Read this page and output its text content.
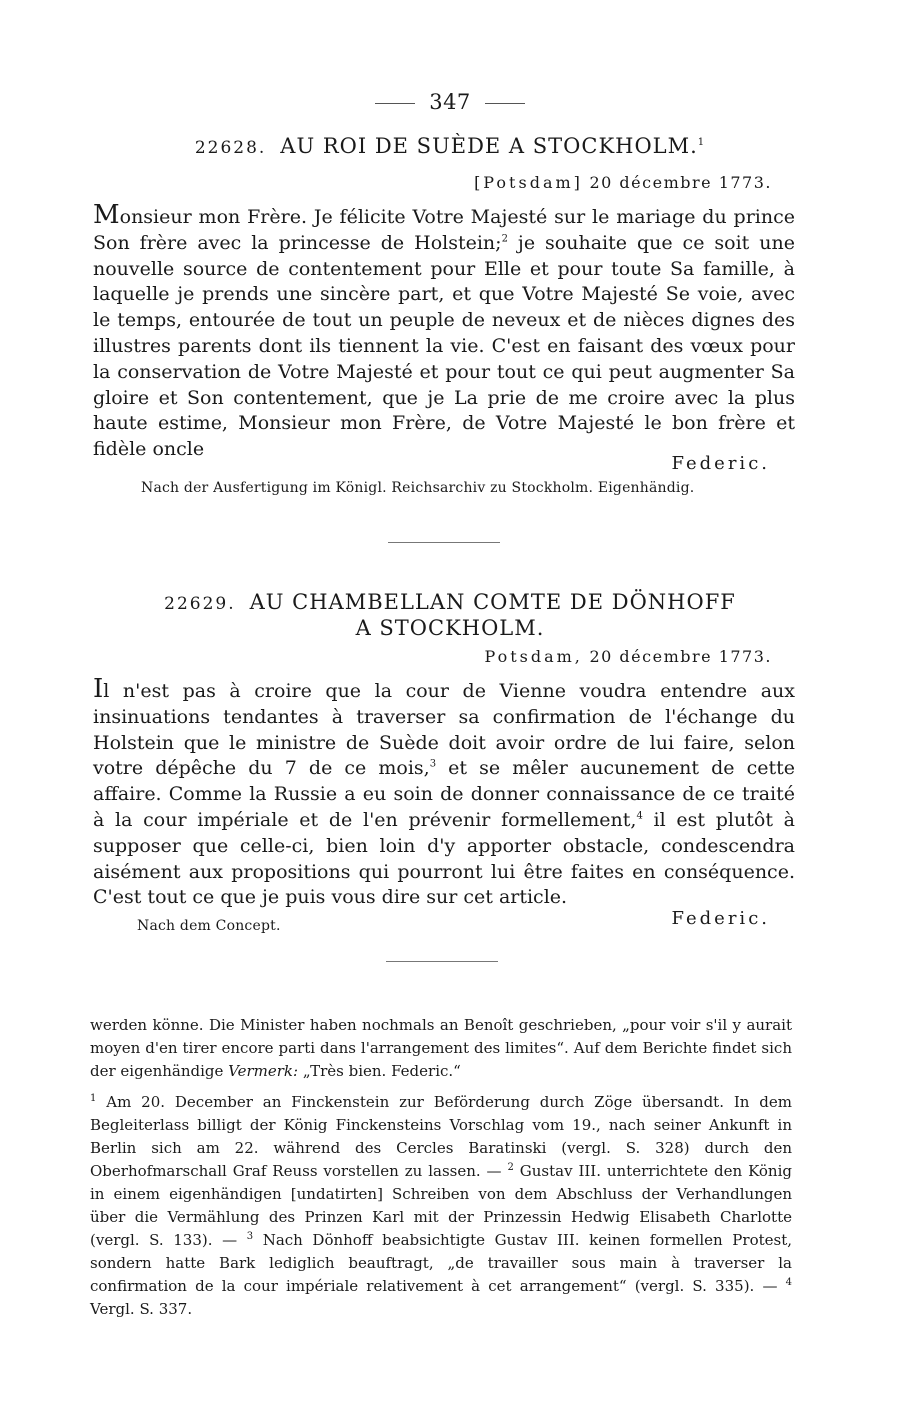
347
22628. AU ROI DE SUÈDE A STOCKHOLM.$^1$
[Potsdam] 20 décembre 1773.
Monsieur mon Frère. Je félicite Votre Majesté sur le mariage du prince Son frère avec la princesse de Holstein;$^2$ je souhaite que ce soit une nouvelle source de contentement pour Elle et pour toute Sa famille, à laquelle je prends une sincère part, et que Votre Majesté Se voie, avec le temps, entourée de tout un peuple de neveux et de nièces dignes des illustres parents dont ils tiennent la vie. C'est en faisant des vœux pour la conservation de Votre Majesté et pour tout ce qui peut augmenter Sa gloire et Son contentement, que je La prie de me croire avec la plus haute estime, Monsieur mon Frère, de Votre Majesté le bon frère et fidèle oncle
Federic.
Nach der Ausfertigung im Königl. Reichsarchiv zu Stockholm. Eigenhändig.
22629. AU CHAMBELLAN COMTE DE DÖNHOFF
A STOCKHOLM.
Potsdam, 20 décembre 1773.
Il n'est pas à croire que la cour de Vienne voudra entendre aux insinuations tendantes à traverser sa confirmation de l'échange du Holstein que le ministre de Suède doit avoir ordre de lui faire, selon votre dépêche du 7 de ce mois,$^3$ et se mêler aucunement de cette affaire. Comme la Russie a eu soin de donner connaissance de ce traité à la cour impériale et de l'en prévenir formellement,$^4$ il est plutôt à supposer que celle-ci, bien loin d'y apporter obstacle, condescendra aisément aux propositions qui pourront lui être faites en conséquence. C'est tout ce que je puis vous dire sur cet article.
Federic.
Nach dem Concept.

werden könne. Die Minister haben nochmals an Benoît geschrieben, „pour voir s'il y aurait moyen d'en tirer encore parti dans l'arrangement des limites“. Auf dem Berichte findet sich der eigenhändige Vermerk: „Très bien. Federic.“

$^1$ Am 20. December an Finckenstein zur Beförderung durch Zöge übersandt. In dem Begleiterlass billigt der König Finckensteins Vorschlag vom 19., nach seiner Ankunft in Berlin sich am 22. während des Cercles Baratinski (vergl. S. 328) durch den Oberhofmarschall Graf Reuss vorstellen zu lassen. — $^2$ Gustav III. unterrichtete den König in einem eigenhändigen [undatirten] Schreiben von dem Abschluss der Verhandlungen über die Vermählung des Prinzen Karl mit der Prinzessin Hedwig Elisabeth Charlotte (vergl. S. 133). — $^3$ Nach Dönhoff beabsichtigte Gustav III. keinen formellen Protest, sondern hatte Bark lediglich beauftragt, „de travailler sous main à traverser la confirmation de la cour impériale relativement à cet arrangement“ (vergl. S. 335). — $^4$ Vergl. S. 337.
